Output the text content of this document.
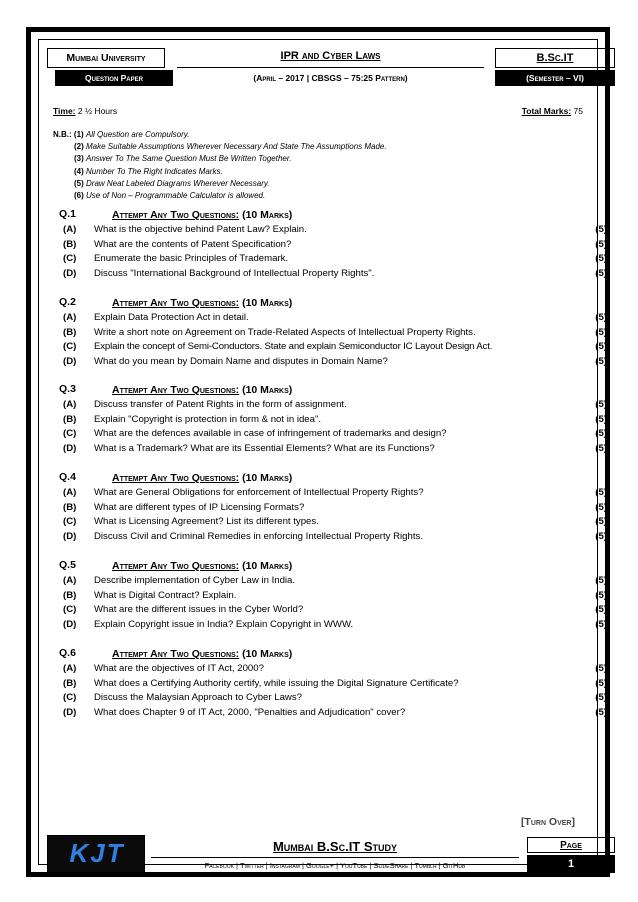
Mumbai University
Question Paper
IPR and Cyber Laws
(April – 2017 | CBSGS – 75:25 Pattern)
B.Sc.IT
(Semester – VI)
Time: 2 ½ Hours	Total Marks: 75
N.B.: (1) All Question are Compulsory.
(2) Make Suitable Assumptions Wherever Necessary And State The Assumptions Made.
(3) Answer To The Same Question Must Be Written Together.
(4) Number To The Right Indicates Marks.
(5) Draw Neat Labeled Diagrams Wherever Necessary.
(6) Use of Non – Programmable Calculator is allowed.
Q.1	Attempt Any Two Questions: (10 Marks)
(A) What is the objective behind Patent Law? Explain.	(5)
(B) What are the contents of Patent Specification?	(5)
(C) Enumerate the basic Principles of Trademark.	(5)
(D) Discuss "International Background of Intellectual Property Rights".	(5)
Q.2	Attempt Any Two Questions: (10 Marks)
(A) Explain Data Protection Act in detail.	(5)
(B) Write a short note on Agreement on Trade-Related Aspects of Intellectual Property Rights.	(5)
(C) Explain the concept of Semi-Conductors. State and explain Semiconductor IC Layout Design Act.	(5)
(D) What do you mean by Domain Name and disputes in Domain Name?	(5)
Q.3	Attempt Any Two Questions: (10 Marks)
(A) Discuss transfer of Patent Rights in the form of assignment.	(5)
(B) Explain "Copyright is protection in form & not in idea".	(5)
(C) What are the defences available in case of infringement of trademarks and design?	(5)
(D) What is a Trademark? What are its Essential Elements? What are its Functions?	(5)
Q.4	Attempt Any Two Questions: (10 Marks)
(A) What are General Obligations for enforcement of Intellectual Property Rights?	(5)
(B) What are different types of IP Licensing Formats?	(5)
(C) What is Licensing Agreement? List its different types.	(5)
(D) Discuss Civil and Criminal Remedies in enforcing Intellectual Property Rights.	(5)
Q.5	Attempt Any Two Questions: (10 Marks)
(A) Describe implementation of Cyber Law in India.	(5)
(B) What is Digital Contract? Explain.	(5)
(C) What are the different issues in the Cyber World?	(5)
(D) Explain Copyright issue in India? Explain Copyright in WWW.	(5)
Q.6	Attempt Any Two Questions: (10 Marks)
(A) What are the objectives of IT Act, 2000?	(5)
(B) What does a Certifying Authority certify, while issuing the Digital Signature Certificate?	(5)
(C) Discuss the Malaysian Approach to Cyber Laws?	(5)
(D) What does Chapter 9 of IT Act, 2000, "Penalties and Adjudication" cover?	(5)
[Turn Over]
KJT	Mumbai B.Sc.IT Study
Facebook | Twitter | Instagram | Google+ | YouTube | SlideShare | Tumblr | GitHub
Page
1
